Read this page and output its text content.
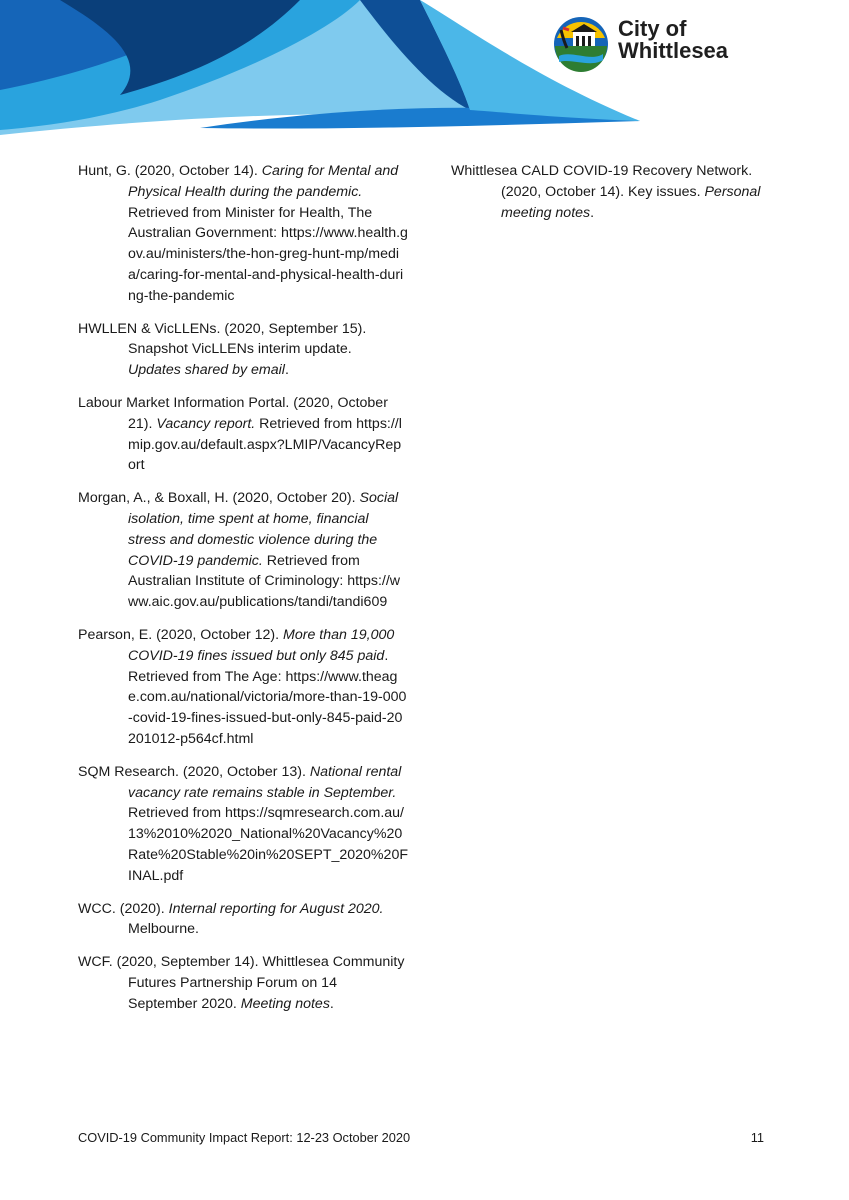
City of
Whittlesea

Hunt, G. (2020, October 14). Caring for Mental and Physical Health during the pandemic. Retrieved from Minister for Health, The Australian Government: https://www.health.gov.au/ministers/the-hon-greg-hunt-mp/media/caring-for-mental-and-physical-health-during-the-pandemic

HWLLEN & VicLLENs. (2020, September 15). Snapshot VicLLENs interim update. Updates shared by email.

Labour Market Information Portal. (2020, October 21). Vacancy report. Retrieved from https://lmip.gov.au/default.aspx?LMIP/VacancyReport

Morgan, A., & Boxall, H. (2020, October 20). Social isolation, time spent at home, financial stress and domestic violence during the COVID-19 pandemic. Retrieved from Australian Institute of Criminology: https://www.aic.gov.au/publications/tandi/tandi609

Pearson, E. (2020, October 12). More than 19,000 COVID-19 fines issued but only 845 paid. Retrieved from The Age: https://www.theage.com.au/national/victoria/more-than-19-000-covid-19-fines-issued-but-only-845-paid-20201012-p564cf.html

SQM Research. (2020, October 13). National rental vacancy rate remains stable in September. Retrieved from https://sqmresearch.com.au/13%2010%2020_National%20Vacancy%20Rate%20Stable%20in%20SEPT_2020%20FINAL.pdf

WCC. (2020). Internal reporting for August 2020. Melbourne.

WCF. (2020, September 14). Whittlesea Community Futures Partnership Forum on 14 September 2020. Meeting notes.

Whittlesea CALD COVID-19 Recovery Network. (2020, October 14). Key issues. Personal meeting notes.

COVID-19 Community Impact Report: 12-23 October 2020	11
